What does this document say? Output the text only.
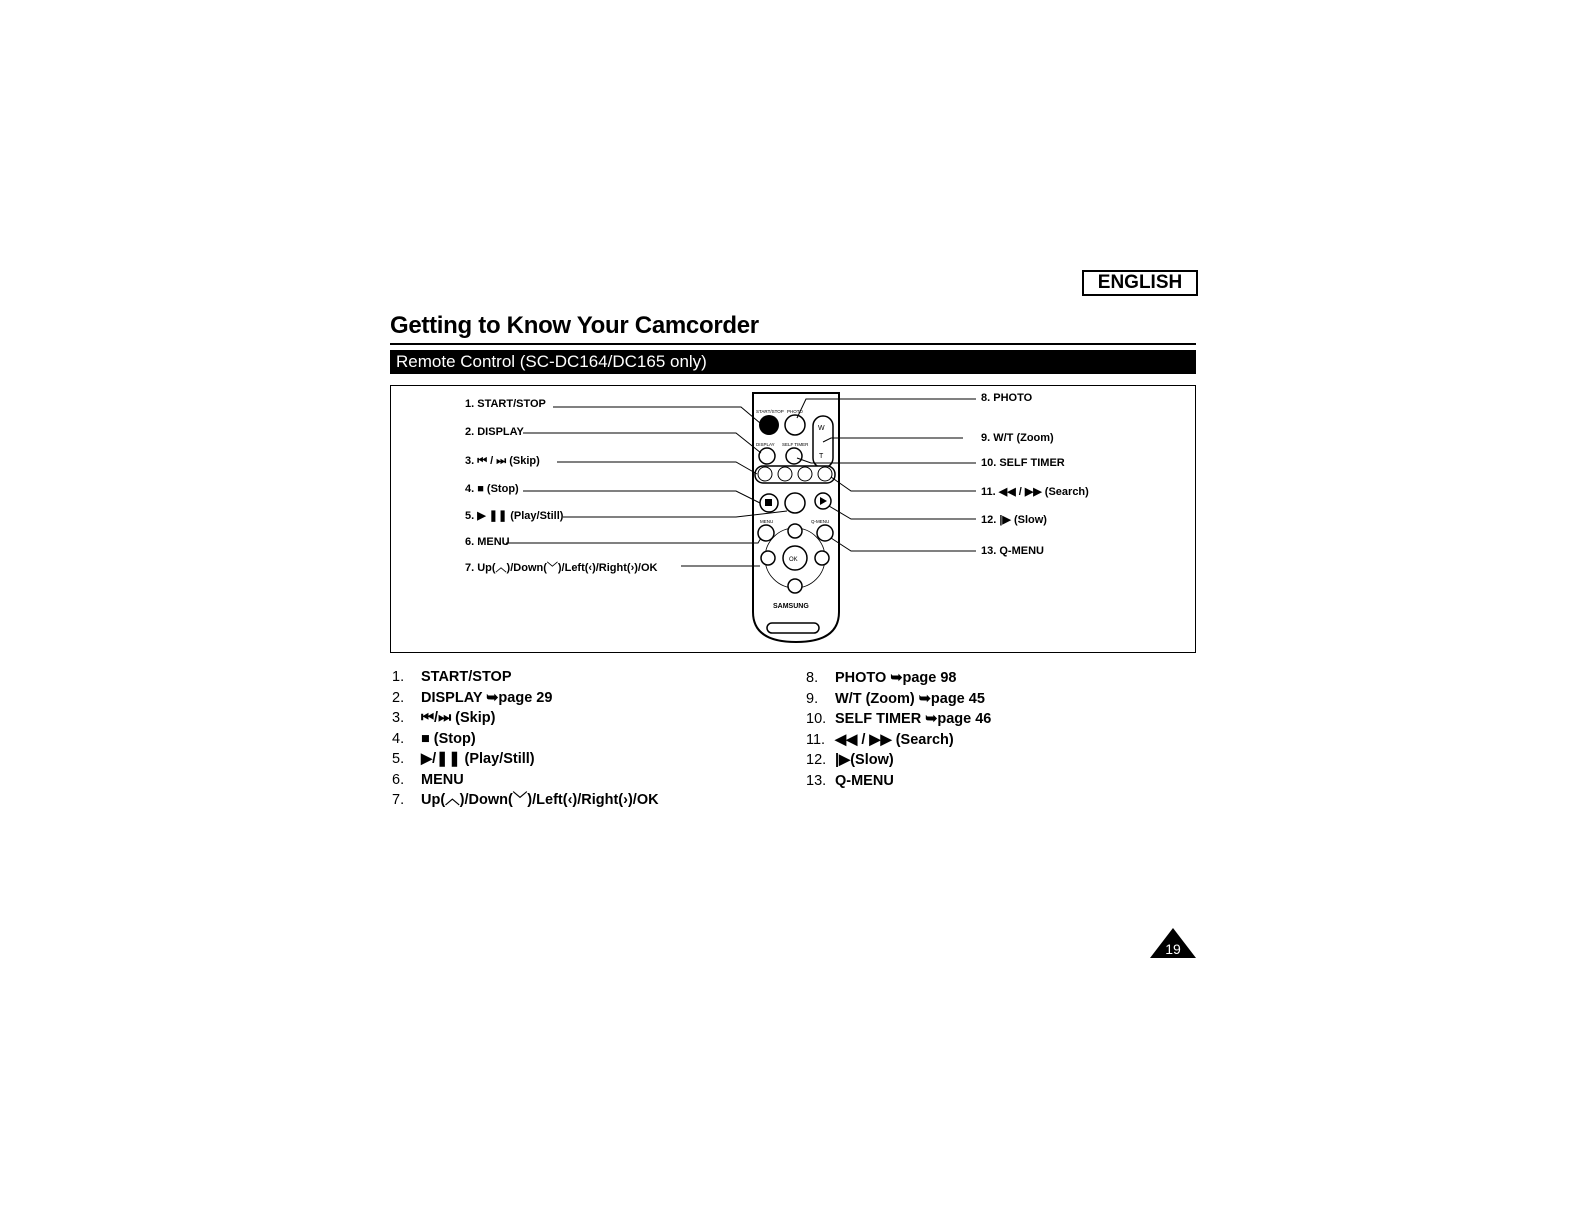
ENGLISH
Getting to Know Your Camcorder
Remote Control (SC-DC164/DC165 only)
W
T
START/STOP PHOTO
DISPLAY SELF TIMER
MENU	Q-MENU
OK
SAMSUNG
1. START/STOP
2. DISPLAY
3. ⏮ / ⏭ (Skip)
4. ■ (Stop)
5. ▶ ❚❚ (Play/Still)
6. MENU
7. Up(︿)/Down(﹀)/Left(‹)/Right(›)/OK
8. PHOTO
9. W/T (Zoom)
10. SELF TIMER
11. ◀◀ / ▶▶ (Search)
12. |▶ (Slow)
13. Q-MENU
1.	START/STOP
2.	DISPLAY ➥page 29
3.	⏮/⏭ (Skip)
4.	■ (Stop)
5.	▶/❚❚ (Play/Still)
6.	MENU
7.	Up(︿)/Down(﹀)/Left(‹)/Right(›)/OK
8.	PHOTO ➥page 98
9.	W/T (Zoom) ➥page 45
10. SELF TIMER ➥page 46
11. ◀◀ / ▶▶ (Search)
12. |▶(Slow)
13. Q-MENU
19
